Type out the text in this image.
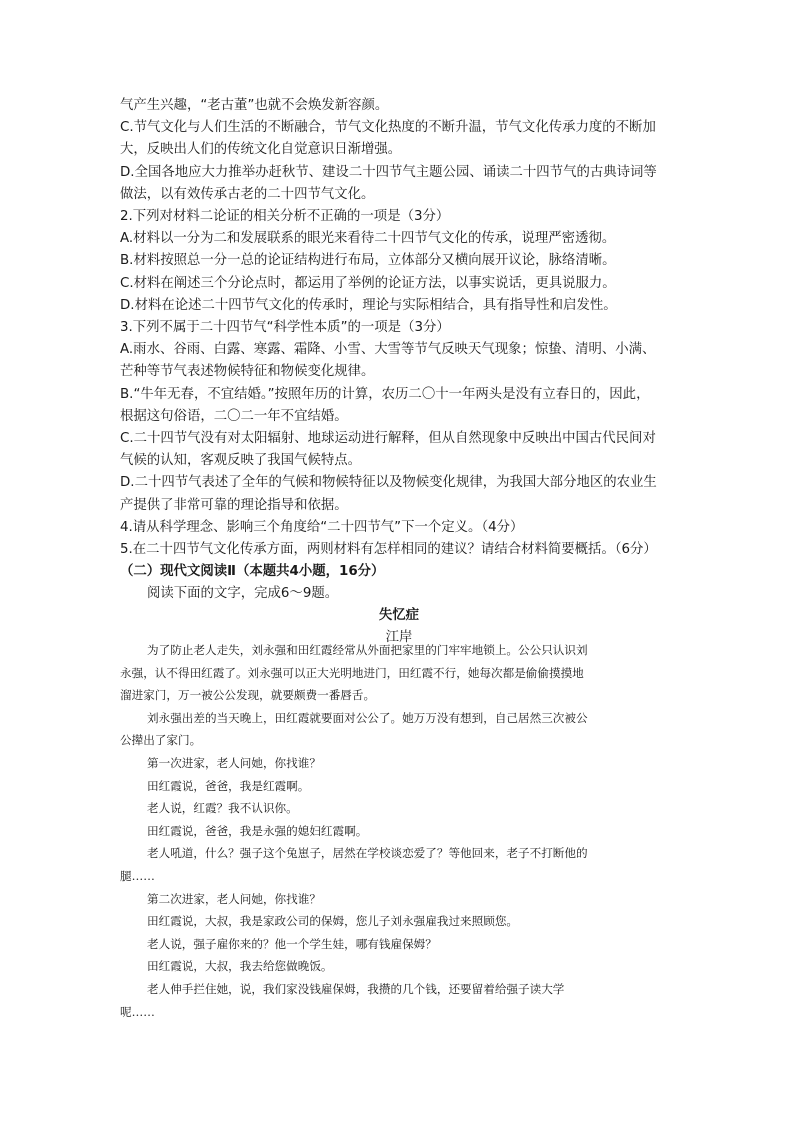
气产生兴趣，“老古董”也就不会焕发新容颜。

C.节气文化与人们生活的不断融合，节气文化热度的不断升温，节气文化传承力度的不断加

大，反映出人们的传统文化自觉意识日渐增强。

D.全国各地应大力推举办赶秋节、建设二十四节气主题公园、诵读二十四节气的古典诗词等

做法，以有效传承古老的二十四节气文化。

2.下列对材料二论证的相关分析不正确的一项是（3分）

A.材料以一分为二和发展联系的眼光来看待二十四节气文化的传承，说理严密透彻。

B.材料按照总一分一总的论证结构进行布局，立体部分又横向展开议论，脉络清晰。

C.材料在阐述三个分论点时，都运用了举例的论证方法，以事实说话，更具说服力。

D.材料在论述二十四节气文化的传承时，理论与实际相结合，具有指导性和启发性。

3.下列不属于二十四节气“科学性本质”的一项是（3分）

A.雨水、谷雨、白露、寒露、霜降、小雪、大雪等节气反映天气现象；惊蛰、清明、小满、

芒种等节气表述物候特征和物候变化规律。

B.“牛年无春，不宜结婚。”按照年历的计算，农历二〇十一年两头是没有立春日的，因此，

根据这句俗语，二〇二一年不宜结婚。

C.二十四节气没有对太阳辐射、地球运动进行解释，但从自然现象中反映出中国古代民间对

气候的认知，客观反映了我国气候特点。

D.二十四节气表述了全年的气候和物候特征以及物候变化规律，为我国大部分地区的农业生

产提供了非常可靠的理论指导和依据。

4.请从科学理念、影响三个角度给“二十四节气”下一个定义。（4分）

5.在二十四节气文化传承方面，两则材料有怎样相同的建议？请结合材料简要概括。（6分）

（二）现代文阅读Ⅱ（本题共4小题，16分）

阅读下面的文字，完成6～9题。

失忆症

江岸

为了防止老人走失，刘永强和田红霞经常从外面把家里的门牢牢地锁上。公公只认识刘

永强，认不得田红霞了。刘永强可以正大光明地进门，田红霞不行，她每次都是偷偷摸摸地

溜进家门，万一被公公发现，就要颇费一番唇舌。

刘永强出差的当天晚上，田红霞就要面对公公了。她万万没有想到，自己居然三次被公

公撵出了家门。

第一次进家，老人问她，你找谁？

田红霞说，爸爸，我是红霞啊。

老人说，红霞？我不认识你。

田红霞说，爸爸，我是永强的媳妇红霞啊。

老人吼道，什么？强子这个兔崽子，居然在学校谈恋爱了？等他回来，老子不打断他的

腿……

第二次进家，老人问她，你找谁？

田红霞说，大叔，我是家政公司的保姆，您儿子刘永强雇我过来照顾您。

老人说，强子雇你来的？他一个学生娃，哪有钱雇保姆？

田红霞说，大叔，我去给您做晚饭。

老人伸手拦住她，说，我们家没钱雇保姆，我攒的几个钱，还要留着给强子读大学

呢……
